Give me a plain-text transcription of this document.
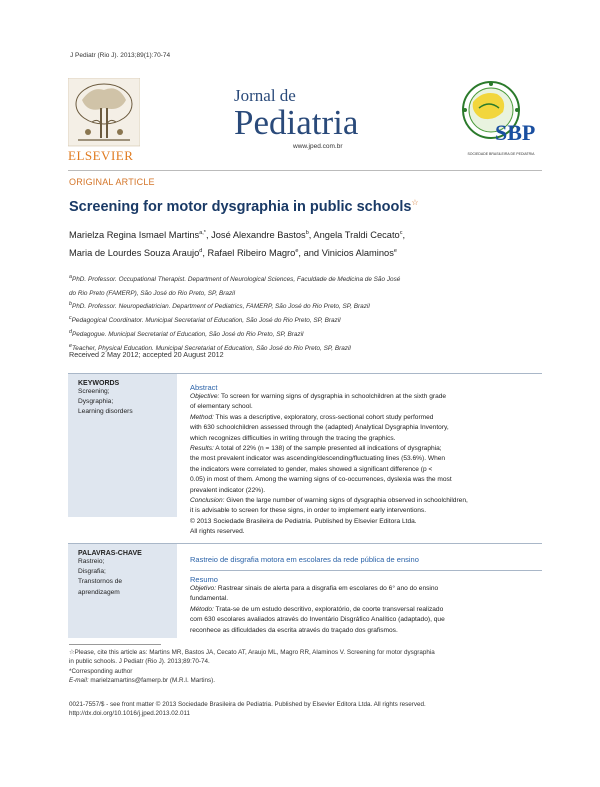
J Pediatr (Rio J). 2013;89(1):70-74
ELSEVIER
Jornal de
Pediatria
www.jped.com.br
SBP
SOCIEDADE BRASILEIRA DE PEDIATRIA
ORIGINAL ARTICLE
Screening for motor dysgraphia in public schools☆
Marielza Regina Ismael Martins$^{a,*}$, José Alexandre Bastos$^b$, Angela Traldi Cecato$^c$,
Maria de Lourdes Souza Araujo$^d$, Rafael Ribeiro Magro$^e$, and Vinicios Alaminos$^e$
$^a$PhD. Professor. Occupational Therapist. Department of Neurological Sciences, Faculdade de Medicina de São José
do Rio Preto (FAMERP), São José do Rio Preto, SP, Brazil
$^b$PhD. Professor. Neuropediatrician. Department of Pediatrics, FAMERP, São José do Rio Preto, SP, Brazil
$^c$Pedagogical Coordinator. Municipal Secretariat of Education, São José do Rio Preto, SP, Brazil
$^d$Pedagogue. Municipal Secretariat of Education, São José do Rio Preto, SP, Brazil
$^e$Teacher, Physical Education. Municipal Secretariat of Education, São José do Rio Preto, SP, Brazil
Received 2 May 2012; accepted 20 August 2012
KEYWORDS
Screening;
Dysgraphia;
Learning disorders
Abstract

Objective: To screen for warning signs of dysgraphia in schoolchildren at the sixth grade

of elementary school.

Method: This was a descriptive, exploratory, cross-sectional cohort study performed

with 630 schoolchildren assessed through the (adapted) Analytical Dysgraphia Inventory,

which recognizes difficulties in writing through the tracing the graphics.

Results: A total of 22% (n = 138) of the sample presented all indications of dysgraphia;

the most prevalent indicator was ascending/descending/fluctuating lines (53.6%). When

the indicators were correlated to gender, males showed a significant difference (p <

0.05) in most of them. Among the warning signs of co-occurrences, dyslexia was the most

prevalent indicator (22%).

Conclusion: Given the large number of warning signs of dysgraphia observed in schoolchildren,

it is advisable to screen for these signs, in order to implement early interventions.

© 2013 Sociedade Brasileira de Pediatria. Published by Elsevier Editora Ltda.

All rights reserved.

PALAVRAS-CHAVE
Rastreio;
Disgrafia;
Transtornos de
aprendizagem
Rastreio de disgrafia motora em escolares da rede pública de ensino
Resumo

Objetivo: Rastrear sinais de alerta para a disgrafia em escolares do 6° ano do ensino

fundamental.

Método: Trata-se de um estudo descritivo, exploratório, de coorte transversal realizado

com 630 escolares avaliados através do Inventário Disgráfico Analítico (adaptado), que

reconhece as dificuldades da escrita através do traçado dos grafismos.

☆Please, cite this article as: Martins MR, Bastos JA, Cecato AT, Araujo ML, Magro RR, Alaminos V. Screening for motor dysgraphia
in public schools. J Pediatr (Rio J). 2013;89:70-74.
*Corresponding author
E-mail: marielzamartins@famerp.br (M.R.I. Martins).
0021-7557/$ - see front matter © 2013 Sociedade Brasileira de Pediatria. Published by Elsevier Editora Ltda. All rights reserved.
http://dx.doi.org/10.1016/j.jped.2013.02.011
